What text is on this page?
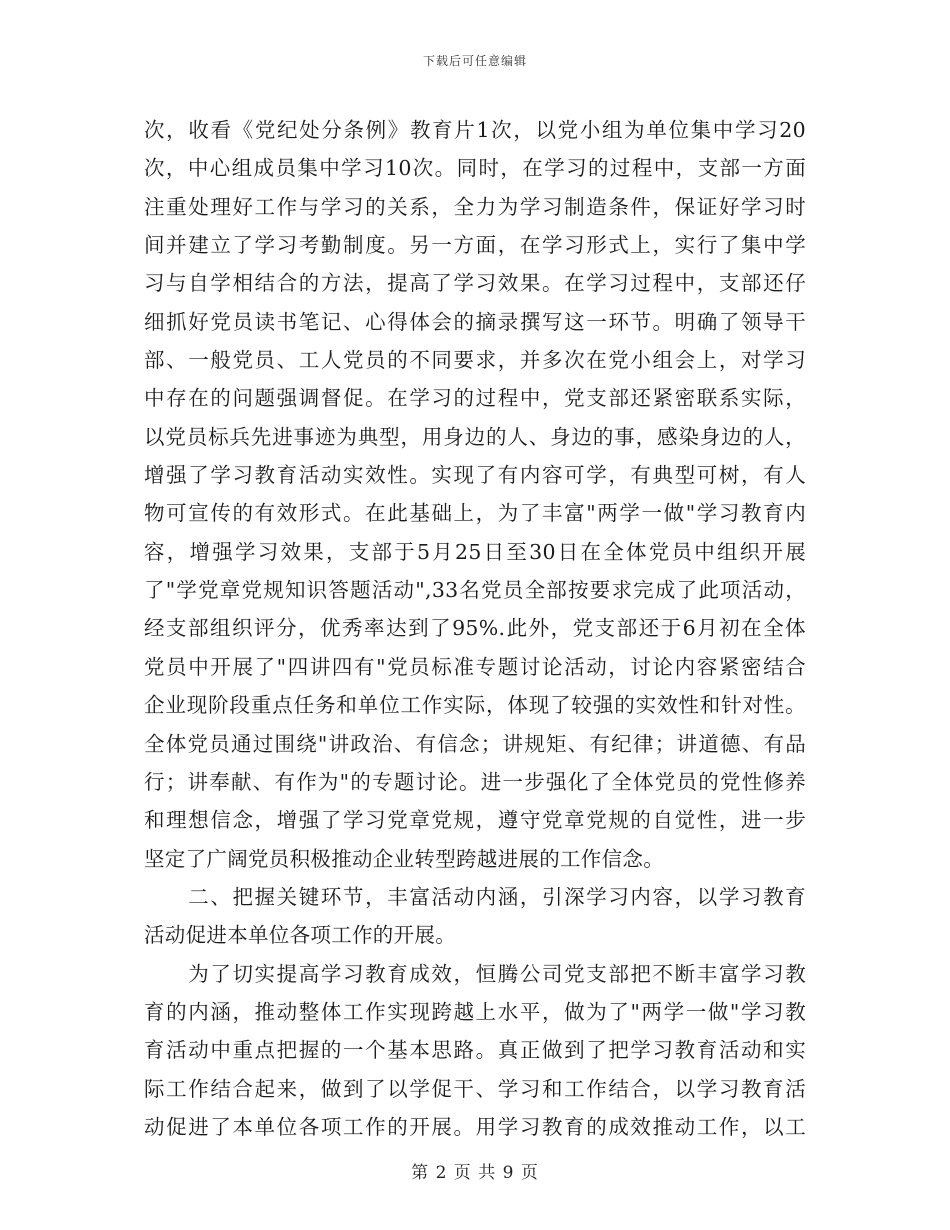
下载后可任意编辑
次，收看《党纪处分条例》教育片1次，以党小组为单位集中学习20
次，中心组成员集中学习10次。同时，在学习的过程中，支部一方面
注重处理好工作与学习的关系，全力为学习制造条件，保证好学习时
间并建立了学习考勤制度。另一方面，在学习形式上，实行了集中学
习与自学相结合的方法，提高了学习效果。在学习过程中，支部还仔
细抓好党员读书笔记、心得体会的摘录撰写这一环节。明确了领导干
部、一般党员、工人党员的不同要求，并多次在党小组会上，对学习
中存在的问题强调督促。在学习的过程中，党支部还紧密联系实际，
以党员标兵先进事迹为典型，用身边的人、身边的事，感染身边的人，
增强了学习教育活动实效性。实现了有内容可学，有典型可树，有人
物可宣传的有效形式。在此基础上，为了丰富"两学一做"学习教育内
容，增强学习效果，支部于5月25日至30日在全体党员中组织开展
了"学党章党规知识答题活动",33名党员全部按要求完成了此项活动，
经支部组织评分，优秀率达到了95%.此外，党支部还于6月初在全体
党员中开展了"四讲四有"党员标准专题讨论活动，讨论内容紧密结合
企业现阶段重点任务和单位工作实际，体现了较强的实效性和针对性。
全体党员通过围绕"讲政治、有信念；讲规矩、有纪律；讲道德、有品
行；讲奉献、有作为"的专题讨论。进一步强化了全体党员的党性修养
和理想信念，增强了学习党章党规，遵守党章党规的自觉性，进一步
坚定了广阔党员积极推动企业转型跨越进展的工作信念。
　　二、把握关键环节，丰富活动内涵，引深学习内容，以学习教育
活动促进本单位各项工作的开展。
　　为了切实提高学习教育成效，恒腾公司党支部把不断丰富学习教
育的内涵，推动整体工作实现跨越上水平，做为了"两学一做"学习教
育活动中重点把握的一个基本思路。真正做到了把学习教育活动和实
际工作结合起来，做到了以学促干、学习和工作结合，以学习教育活
动促进了本单位各项工作的开展。用学习教育的成效推动工作，以工
第 2 页 共 9 页
